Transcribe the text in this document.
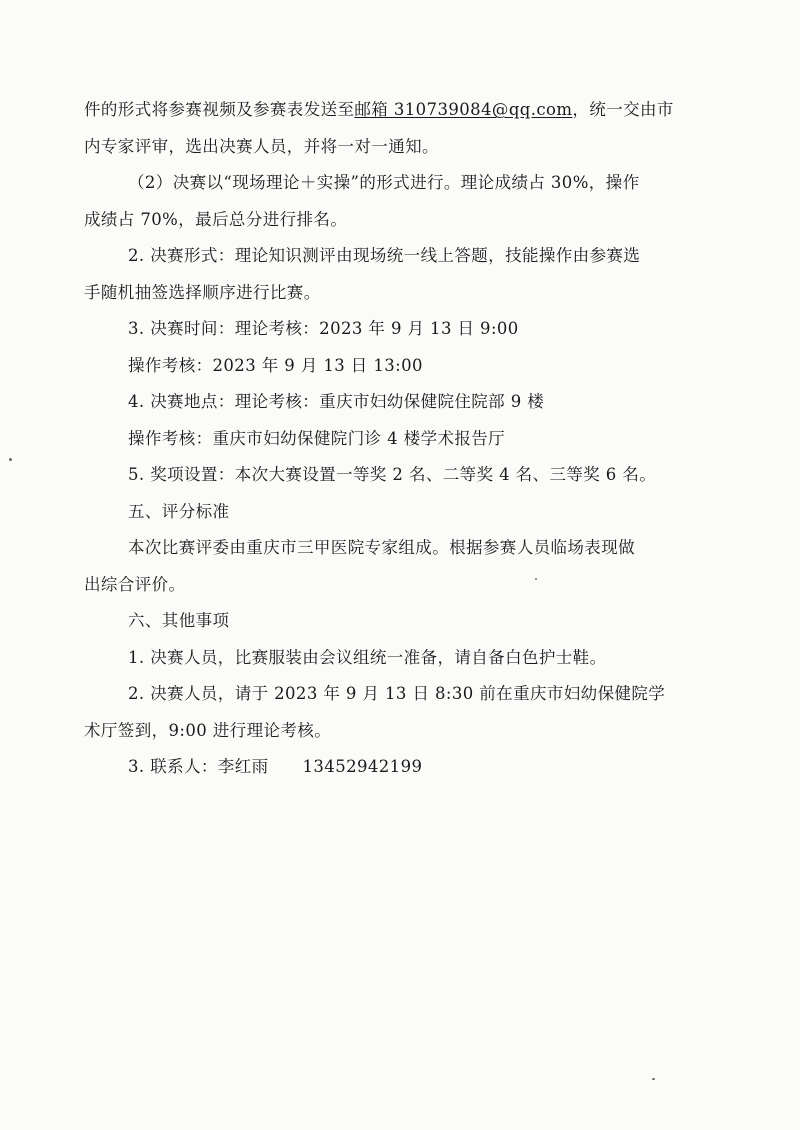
件的形式将参赛视频及参赛表发送至邮箱 310739084@qq.com，统一交由市
内专家评审，选出决赛人员，并将一对一通知。
（2）决赛以“现场理论＋实操”的形式进行。理论成绩占 30%，操作
成绩占 70%，最后总分进行排名。
2. 决赛形式：理论知识测评由现场统一线上答题，技能操作由参赛选
手随机抽签选择顺序进行比赛。
3. 决赛时间：理论考核：2023 年 9 月 13 日 9:00
操作考核：2023 年 9 月 13 日 13:00
4. 决赛地点：理论考核：重庆市妇幼保健院住院部 9 楼
操作考核：重庆市妇幼保健院门诊 4 楼学术报告厅
5. 奖项设置：本次大赛设置一等奖 2 名、二等奖 4 名、三等奖 6 名。
五、评分标准
本次比赛评委由重庆市三甲医院专家组成。根据参赛人员临场表现做
出综合评价。
六、其他事项
1. 决赛人员，比赛服装由会议组统一准备，请自备白色护士鞋。
2. 决赛人员，请于 2023 年 9 月 13 日 8:30 前在重庆市妇幼保健院学
术厅签到，9:00 进行理论考核。
3. 联系人：李红雨 13452942199
